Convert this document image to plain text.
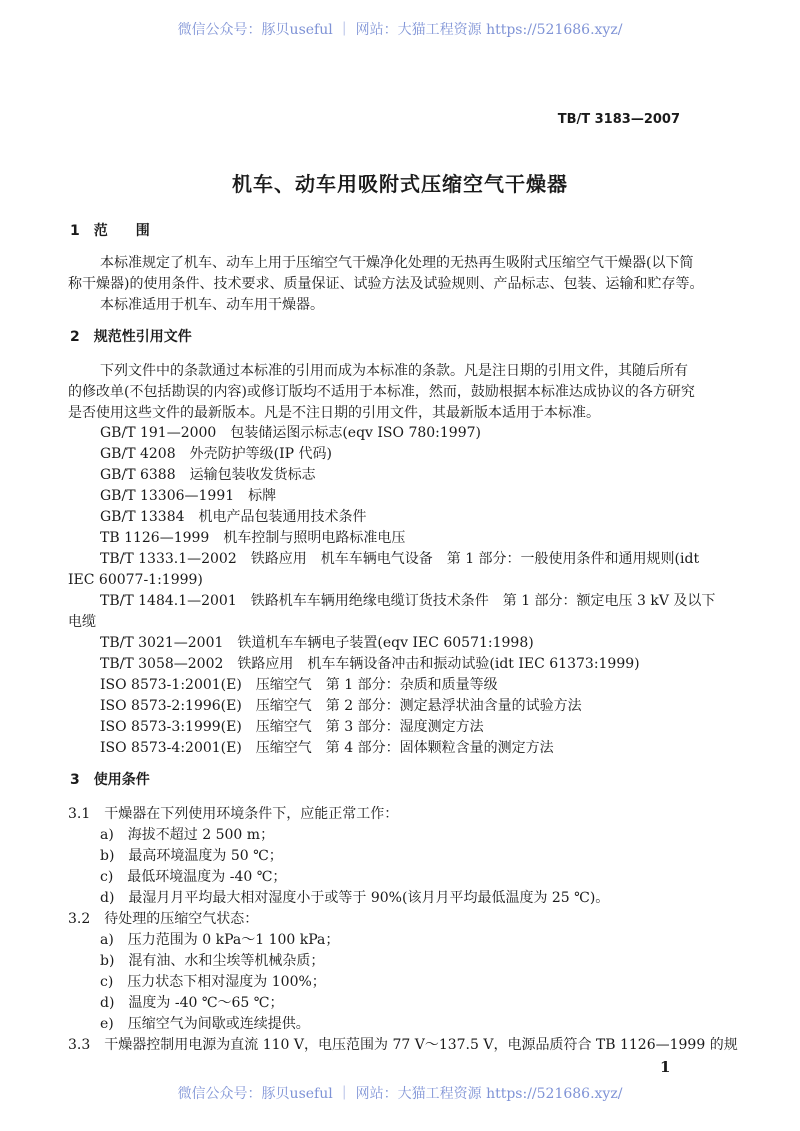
微信公众号：豚贝useful ｜ 网站：大猫工程资源 https://521686.xyz/
TB/T 3183—2007
机车、动车用吸附式压缩空气干燥器
1　范　　围
本标准规定了机车、动车上用于压缩空气干燥净化处理的无热再生吸附式压缩空气干燥器(以下简
称干燥器)的使用条件、技术要求、质量保证、试验方法及试验规则、产品标志、包装、运输和贮存等。
本标准适用于机车、动车用干燥器。
2　规范性引用文件
下列文件中的条款通过本标准的引用而成为本标准的条款。凡是注日期的引用文件，其随后所有
的修改单(不包括勘误的内容)或修订版均不适用于本标准，然而，鼓励根据本标准达成协议的各方研究
是否使用这些文件的最新版本。凡是不注日期的引用文件，其最新版本适用于本标准。
GB/T 191—2000　包装储运图示标志(eqv ISO 780:1997)
GB/T 4208　外壳防护等级(IP 代码)
GB/T 6388　运输包装收发货标志
GB/T 13306—1991　标牌
GB/T 13384　机电产品包装通用技术条件
TB 1126—1999　机车控制与照明电路标准电压
TB/T 1333.1—2002　铁路应用　机车车辆电气设备　第 1 部分：一般使用条件和通用规则(idt
IEC 60077-1:1999)
TB/T 1484.1—2001　铁路机车车辆用绝缘电缆订货技术条件　第 1 部分：额定电压 3 kV 及以下
电缆
TB/T 3021—2001　铁道机车车辆电子装置(eqv IEC 60571:1998)
TB/T 3058—2002　铁路应用　机车车辆设备冲击和振动试验(idt IEC 61373:1999)
ISO 8573-1:2001(E)　压缩空气　第 1 部分：杂质和质量等级
ISO 8573-2:1996(E)　压缩空气　第 2 部分：测定悬浮状油含量的试验方法
ISO 8573-3:1999(E)　压缩空气　第 3 部分：湿度测定方法
ISO 8573-4:2001(E)　压缩空气　第 4 部分：固体颗粒含量的测定方法
3　使用条件
3.1　干燥器在下列使用环境条件下，应能正常工作：
a)　海拔不超过 2 500 m；
b)　最高环境温度为 50 ℃；
c)　最低环境温度为 -40 ℃；
d)　最湿月月平均最大相对湿度小于或等于 90%(该月月平均最低温度为 25 ℃)。
3.2　待处理的压缩空气状态：
a)　压力范围为 0 kPa～1 100 kPa；
b)　混有油、水和尘埃等机械杂质；
c)　压力状态下相对湿度为 100%；
d)　温度为 -40 ℃～65 ℃；
e)　压缩空气为间歇或连续提供。
3.3　干燥器控制用电源为直流 110 V，电压范围为 77 V～137.5 V，电源品质符合 TB 1126—1999 的规
1
微信公众号：豚贝useful ｜ 网站：大猫工程资源 https://521686.xyz/
